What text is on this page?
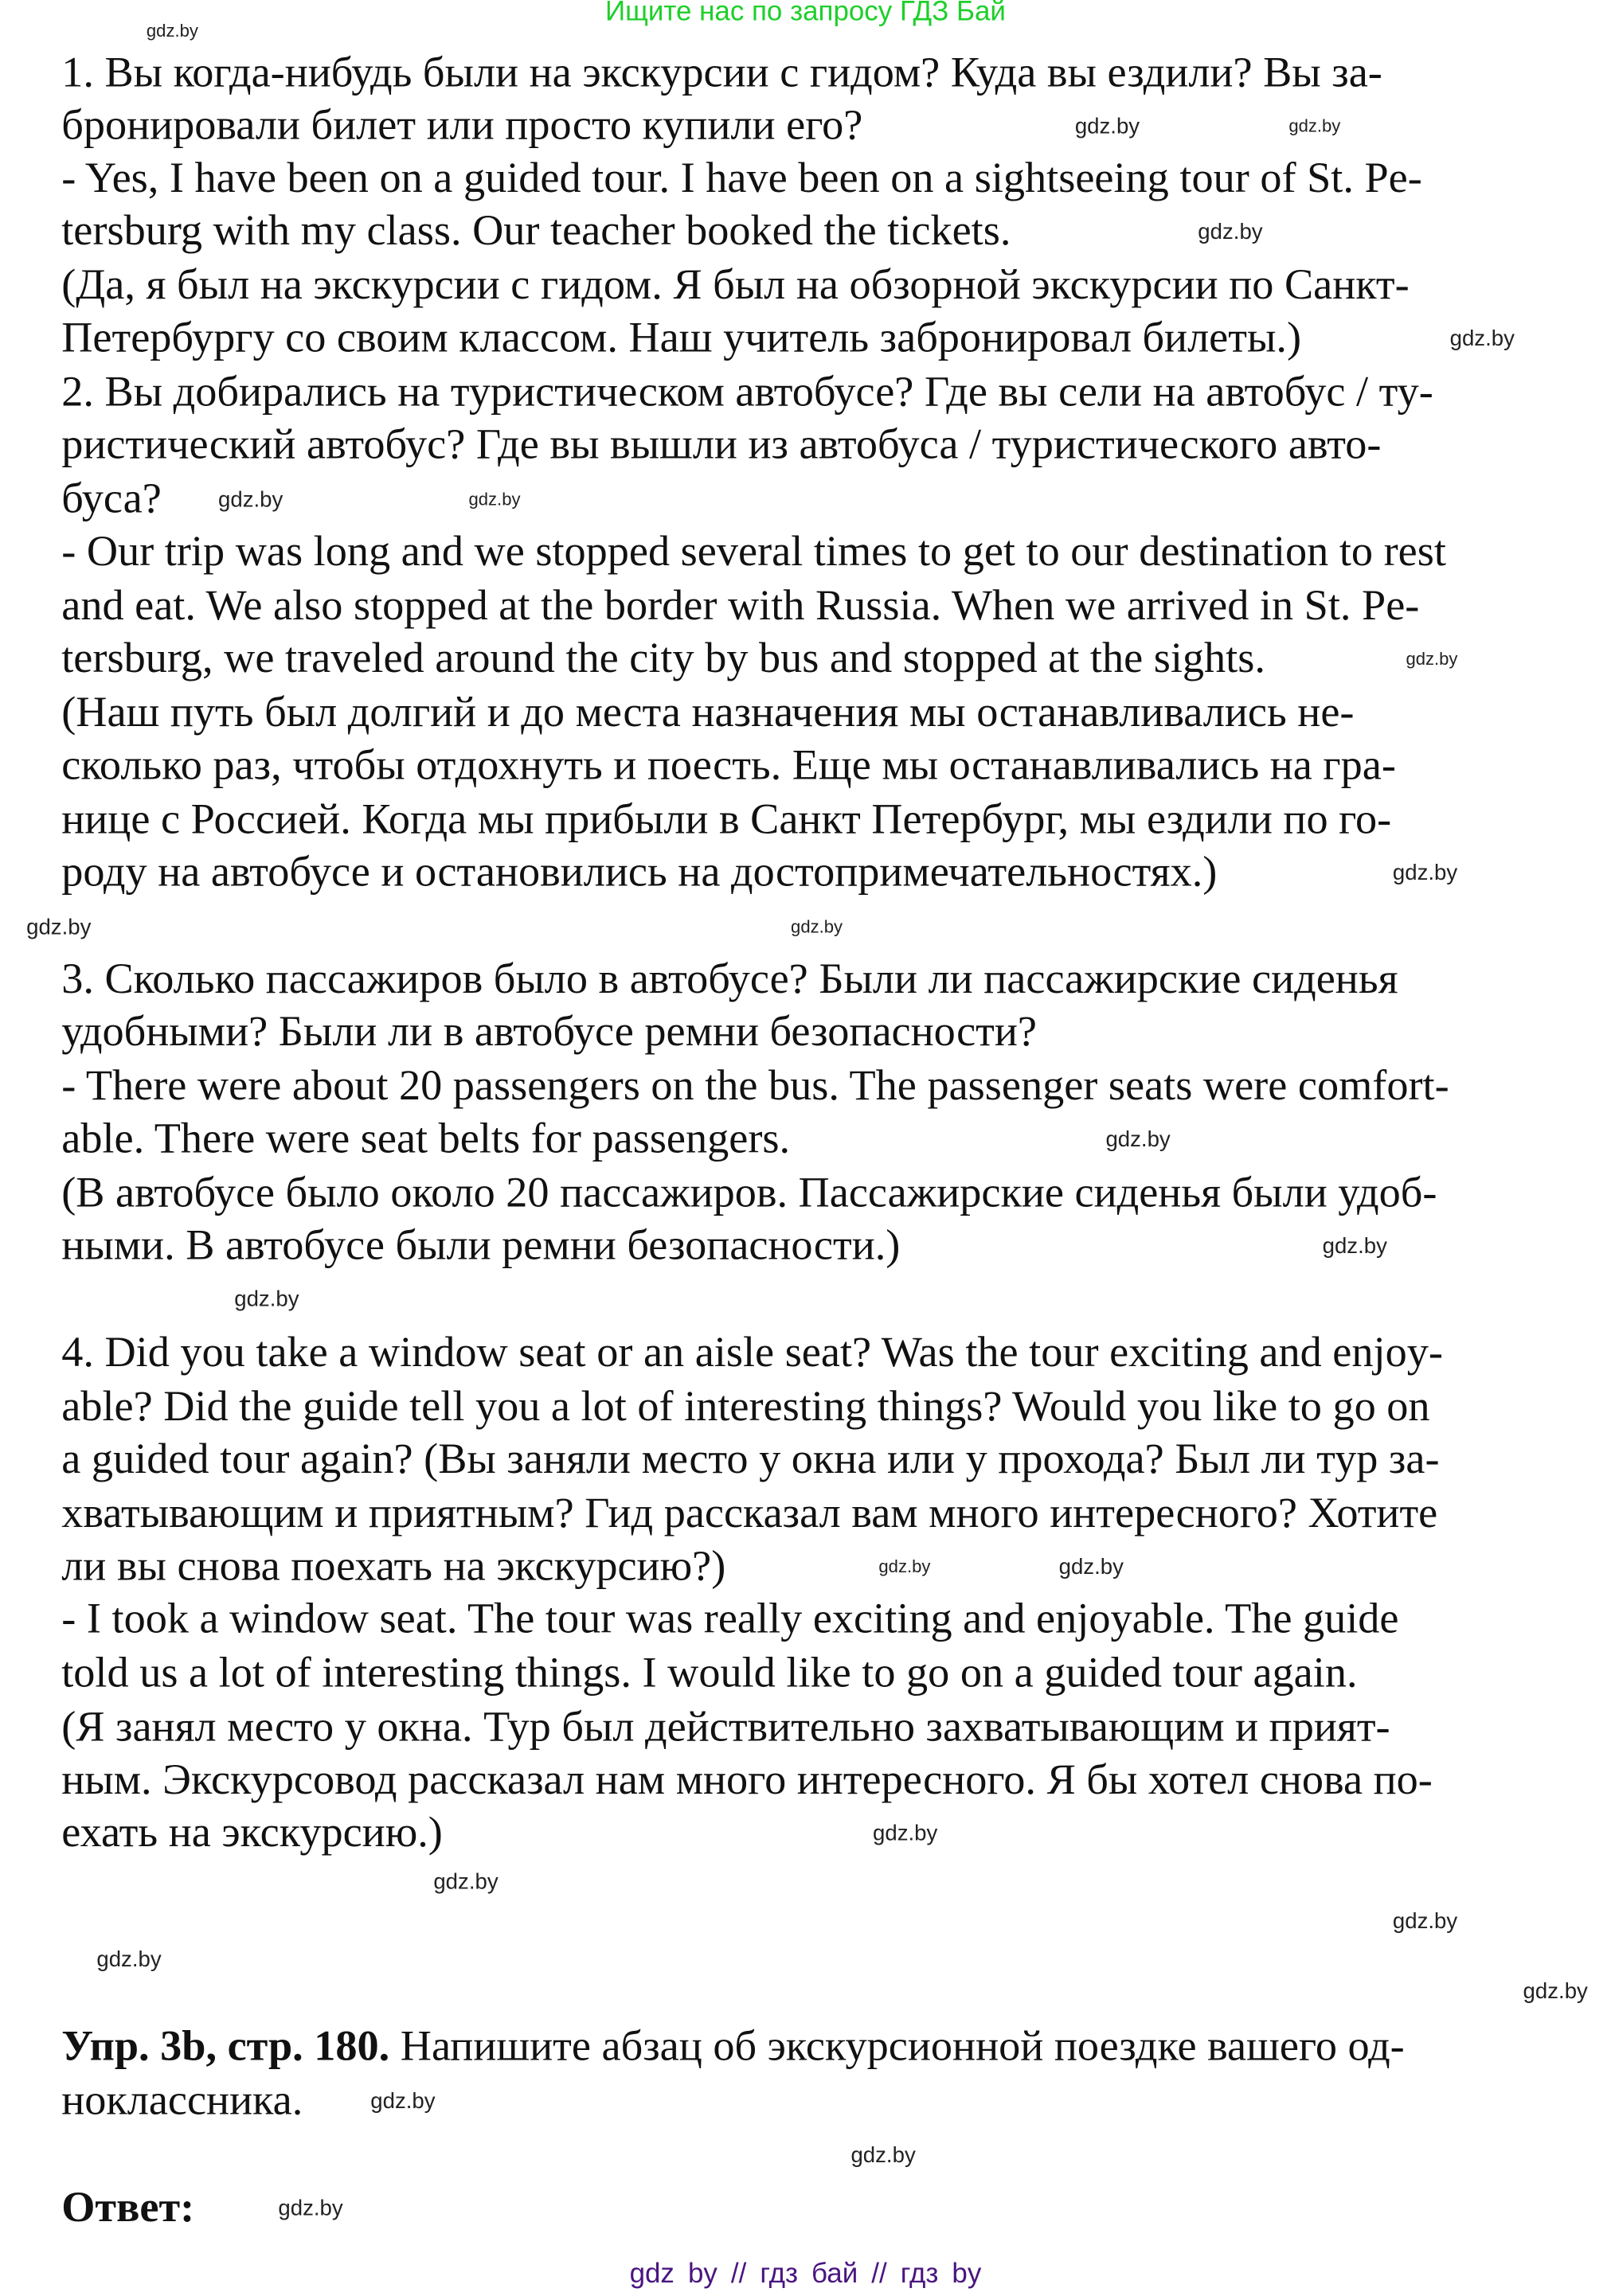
Ищите нас по запросу ГДЗ Бай
1. Вы когда-нибудь были на экскурсии с гидом? Куда вы ездили? Вы за-
бронировали билет или просто купили его?
- Yes, I have been on a guided tour. I have been on a sightseeing tour of St. Pe-
tersburg with my class. Our teacher booked the tickets.
(Да, я был на экскурсии с гидом. Я был на обзорной экскурсии по Санкт-
Петербургу со своим классом. Наш учитель забронировал билеты.)
2. Вы добирались на туристическом автобусе? Где вы сели на автобус / ту-
ристический автобус? Где вы вышли из автобуса / туристического авто-
буса?
- Our trip was long and we stopped several times to get to our destination to rest
and eat. We also stopped at the border with Russia. When we arrived in St. Pe-
tersburg, we traveled around the city by bus and stopped at the sights.
(Наш путь был долгий и до места назначения мы останавливались не-
сколько раз, чтобы отдохнуть и поесть. Еще мы останавливались на гра-
нице с Россией. Когда мы прибыли в Санкт Петербург, мы ездили по го-
роду на автобусе и остановились на достопримечательностях.)
3. Сколько пассажиров было в автобусе? Были ли пассажирские сиденья
удобными? Были ли в автобусе ремни безопасности?
- There were about 20 passengers on the bus. The passenger seats were comfort-
able. There were seat belts for passengers.
(В автобусе было около 20 пассажиров. Пассажирские сиденья были удоб-
ными. В автобусе были ремни безопасности.)
4. Did you take a window seat or an aisle seat? Was the tour exciting and enjoy-
able? Did the guide tell you a lot of interesting things? Would you like to go on
a guided tour again? (Вы заняли место у окна или у прохода? Был ли тур за-
хватывающим и приятным? Гид рассказал вам много интересного? Хотите
ли вы снова поехать на экскурсию?)
- I took a window seat. The tour was really exciting and enjoyable. The guide
told us a lot of interesting things. I would like to go on a guided tour again.
(Я занял место у окна. Тур был действительно захватывающим и прият-
ным. Экскурсовод рассказал нам много интересного. Я бы хотел снова по-
ехать на экскурсию.)
Упр. 3b, стр. 180. Напишите абзац об экскурсионной поездке вашего од-
ноклассника.
Ответ:
gdz.by
gdz.by	gdz.by
gdz.by
gdz.by
gdz.by
gdz.by
gdz.by
gdz.by
gdz.by
gdz.by
gdz.by
gdz.by
gdz.by
gdz.by	gdz.by
gdz.by
gdz.by
gdz.by
gdz.by
gdz.by
gdz.by
gdz.by
gdz.by
gdz by // гдз бай // гдз by
